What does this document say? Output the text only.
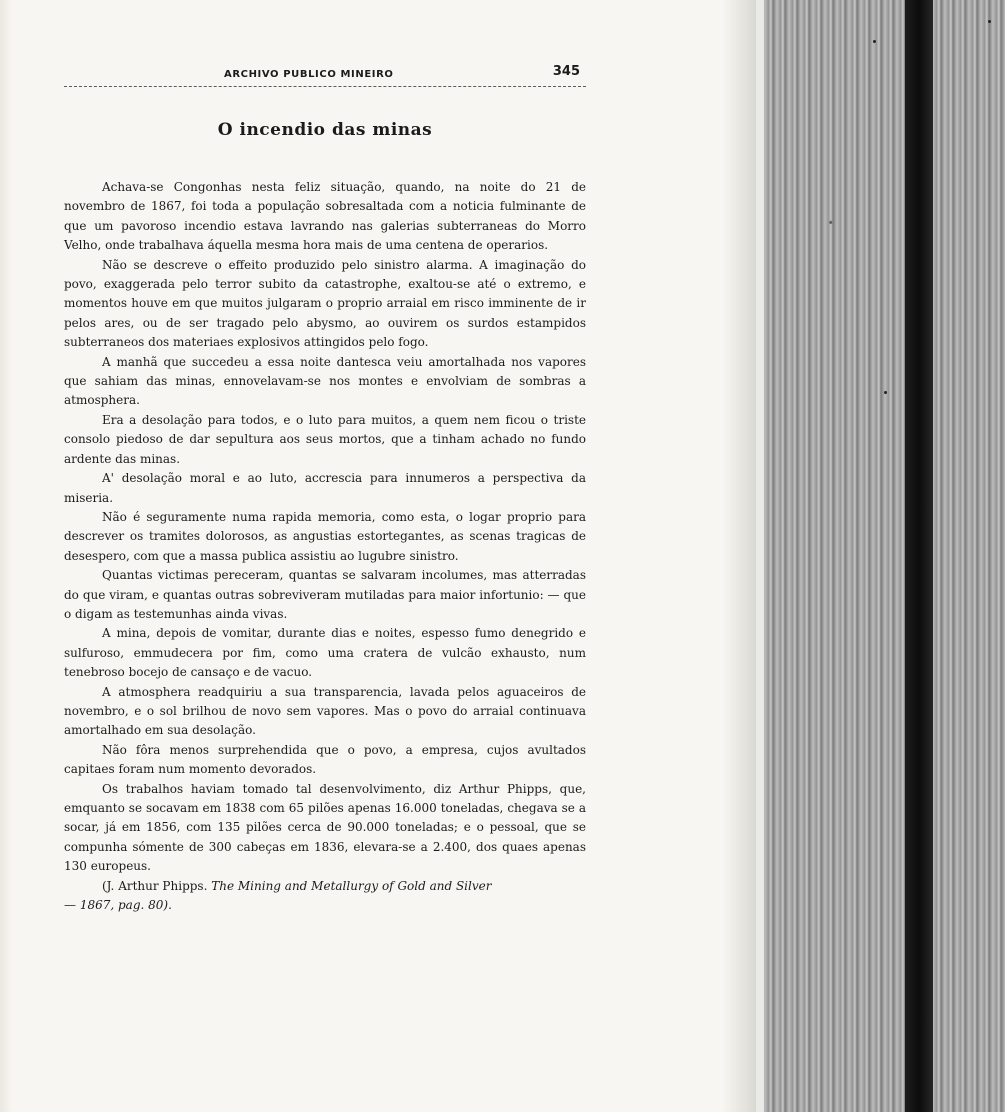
ARCHIVO PUBLICO MINEIRO	345
O incendio das minas

Achava-se Congonhas nesta feliz situação, quando, na noite do 21 de novembro de 1867, foi toda a população sobresaltada com a noticia fulminante de que um pavoroso incendio estava lavrando nas galerias subterraneas do Morro Velho, onde trabalhava áquella mesma hora mais de uma centena de operarios.

Não se descreve o effeito produzido pelo sinistro alarma. A imaginação do povo, exaggerada pelo terror subito da catastrophe, exaltou-se até o extremo, e momentos houve em que muitos julgaram o proprio arraial em risco imminente de ir pelos ares, ou de ser tragado pelo abysmo, ao ouvirem os surdos estampidos subterraneos dos materiaes explosivos attingidos pelo fogo.

A manhã que succedeu a essa noite dantesca veiu amortalhada nos vapores que sahiam das minas, ennovelavam-se nos montes e envolviam de sombras a atmosphera.

Era a desolação para todos, e o luto para muitos, a quem nem ficou o triste consolo piedoso de dar sepultura aos seus mortos, que a tinham achado no fundo ardente das minas.

A' desolação moral e ao luto, accrescia para innumeros a perspectiva da miseria.

Não é seguramente numa rapida memoria, como esta, o logar proprio para descrever os tramites dolorosos, as angustias estortegantes, as scenas tragicas de desespero, com que a massa publica assistiu ao lugubre sinistro.

Quantas victimas pereceram, quantas se salvaram incolumes, mas atterradas do que viram, e quantas outras sobreviveram mutiladas para maior infortunio: — que o digam as testemunhas ainda vivas.

A mina, depois de vomitar, durante dias e noites, espesso fumo denegrido e sulfuroso, emmudecera por fim, como uma cratera de vulcão exhausto, num tenebroso bocejo de cansaço e de vacuo.

A atmosphera readquiriu a sua transparencia, lavada pelos aguaceiros de novembro, e o sol brilhou de novo sem vapores. Mas o povo do arraial continuava amortalhado em sua desolação.

Não fôra menos surprehendida que o povo, a empresa, cujos avultados capitaes foram num momento devorados.

Os trabalhos haviam tomado tal desenvolvimento, diz Arthur Phipps, que, emquanto se socavam em 1838 com 65 pilões apenas 16.000 toneladas, chegava se a socar, já em 1856, com 135 pilões cerca de 90.000 toneladas; e o pessoal, que se compunha sómente de 300 cabeças em 1836, elevara-se a 2.400, dos quaes apenas 130 europeus.

(J. Arthur Phipps. The Mining and Metallurgy of Gold and Silver
— 1867, pag. 80).
